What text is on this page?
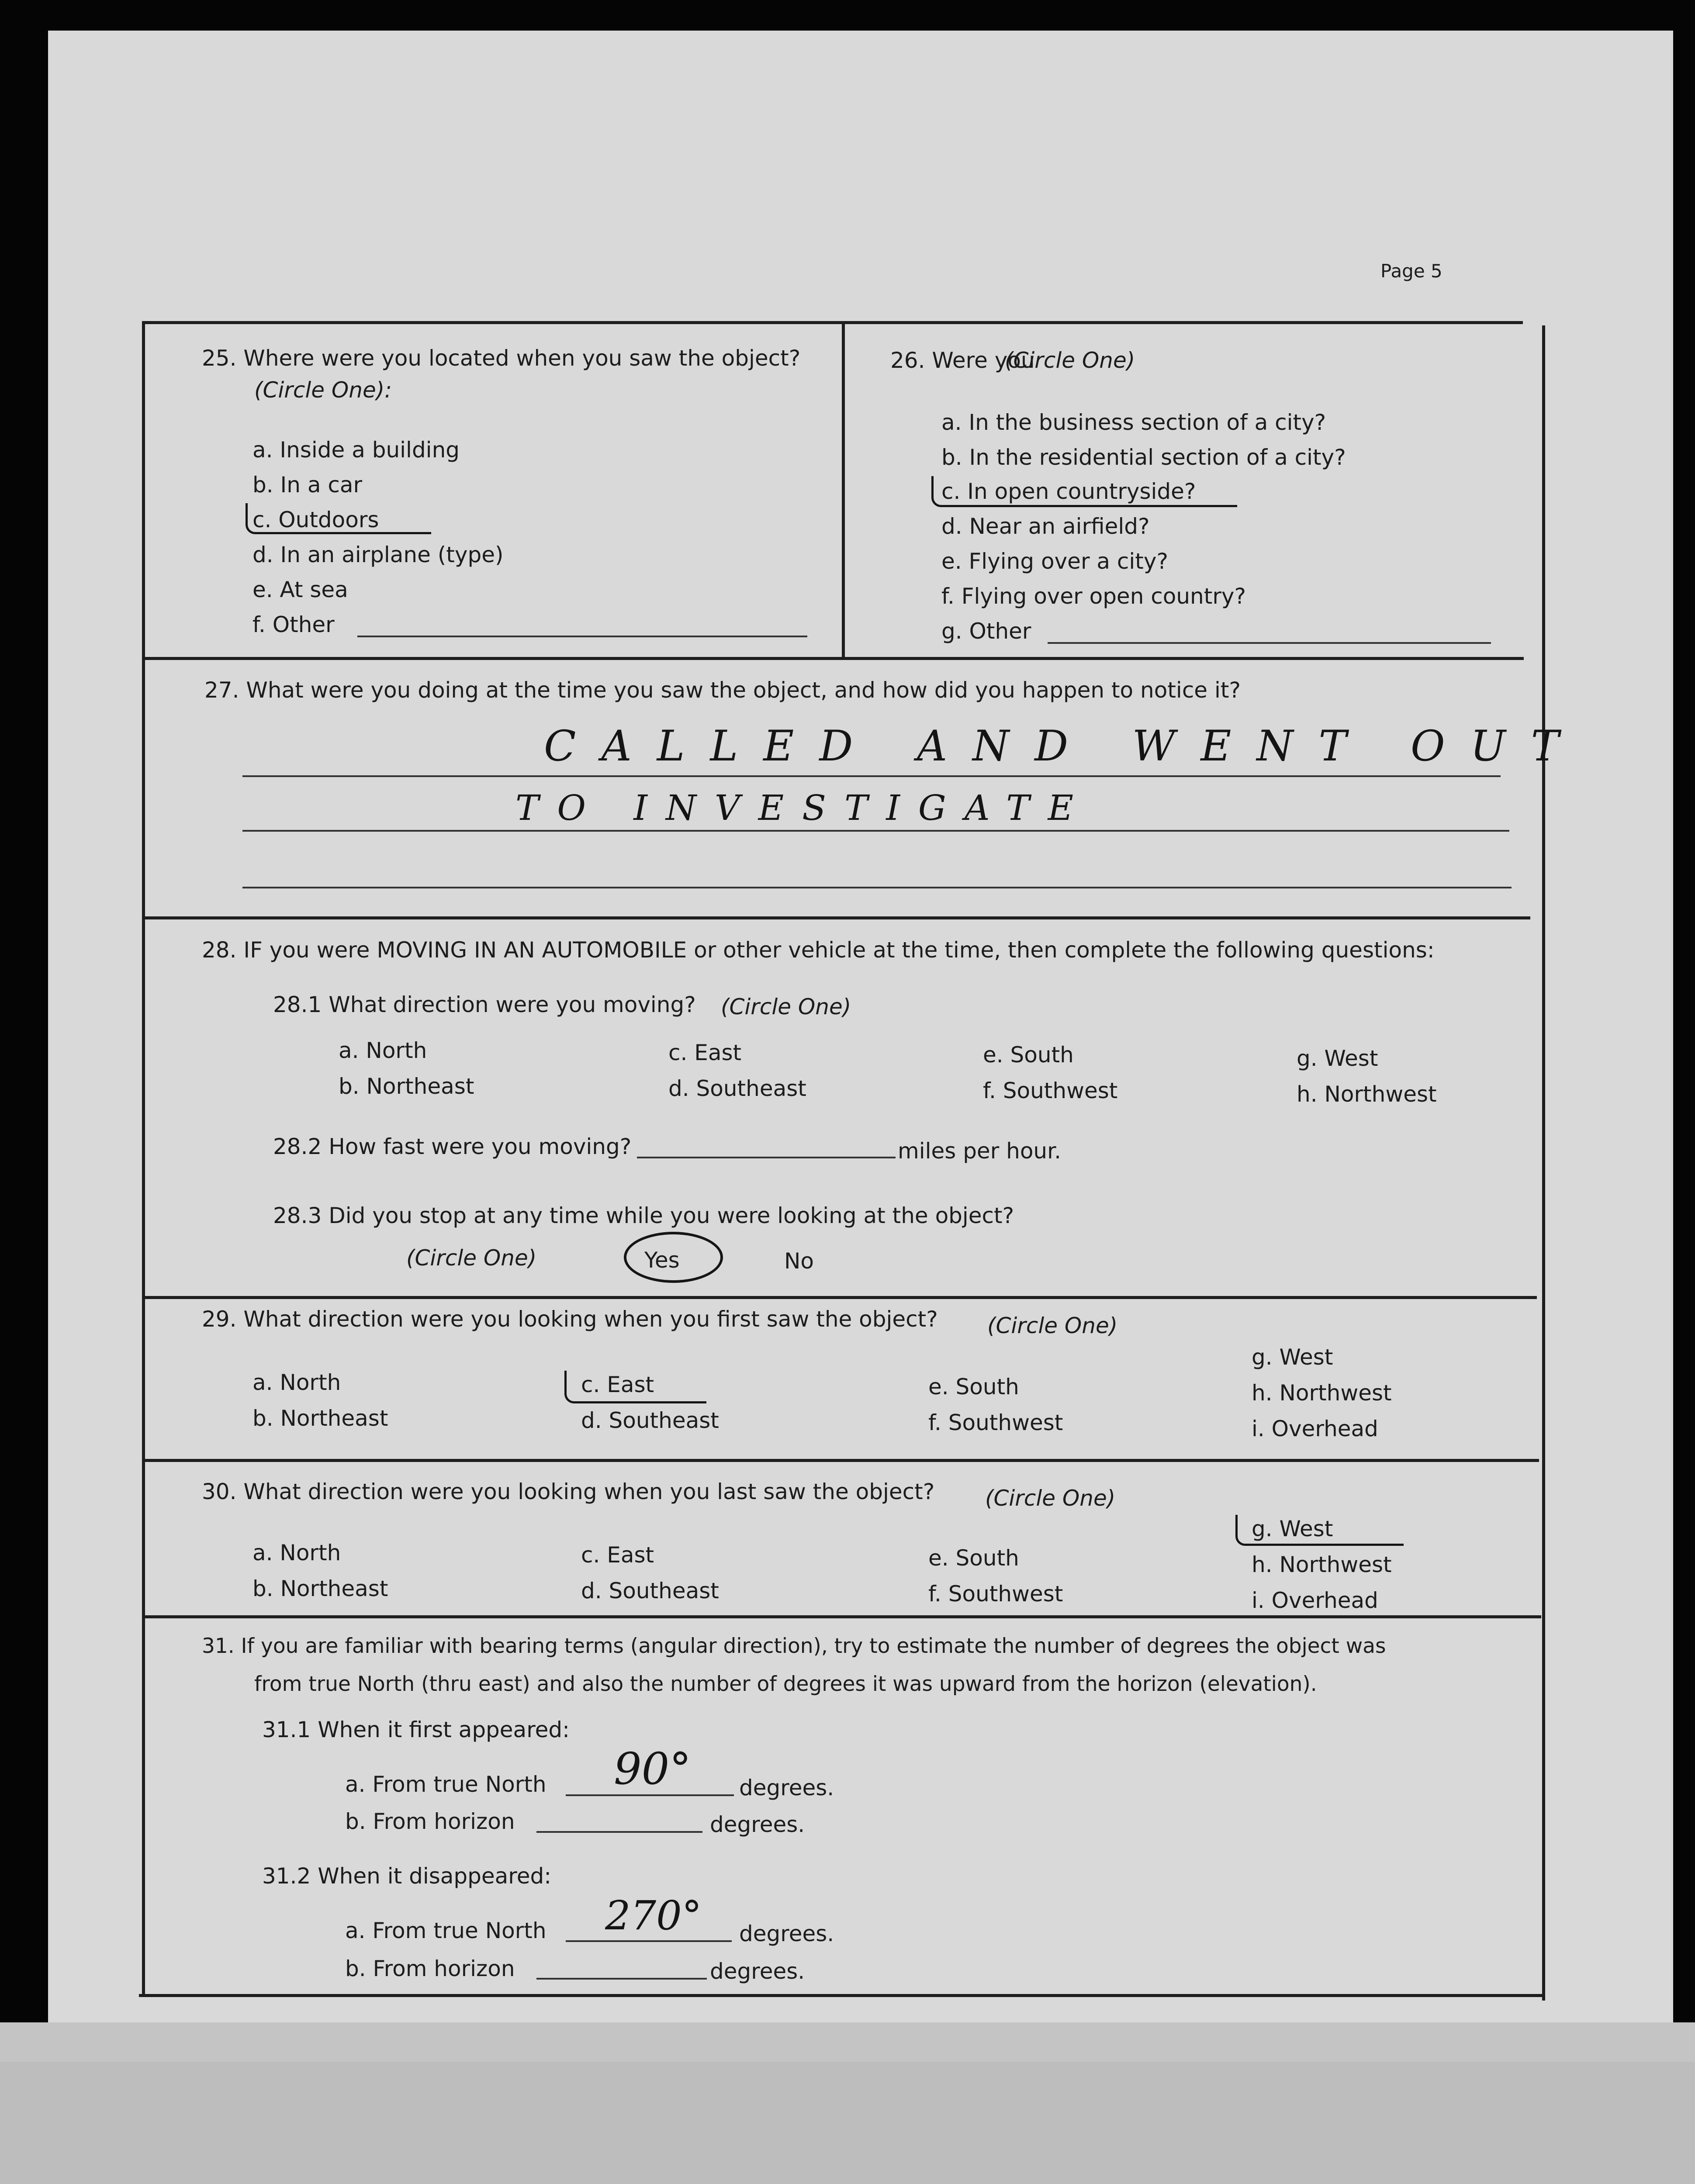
Page 5
25. Where were you located when you saw the object?
(Circle One):
a. Inside a building
b. In a car
c. Outdoors
d. In an airplane (type)
e. At sea
f. Other
26. Were you
(Circle One)
a. In the business section of a city?
b. In the residential section of a city?
c. In open countryside?
d. Near an airfield?
e. Flying over a city?
f. Flying over open country?
g. Other
27. What were you doing at the time you saw the object, and how did you happen to notice it?
CALLED AND WENT OUT
TO INVESTIGATE
28. IF you were MOVING IN AN AUTOMOBILE or other vehicle at the time, then complete the following questions:
28.1 What direction were you moving? (Circle One)
a. North
b. Northeast
c. East
d. Southeast
e. South
f. Southwest
g. West
h. Northwest
28.2 How fast were you moving?	miles per hour.
28.3 Did you stop at any time while you were looking at the object?
(Circle One)	Yes	No
29. What direction were you looking when you first saw the object? (Circle One)
a. North
b. Northeast
c. East
d. Southeast
e. South
f. Southwest
g. West
h. Northwest
i. Overhead
30. What direction were you looking when you last saw the object? (Circle One)
a. North
b. Northeast
c. East
d. Southeast
e. South
f. Southwest
g. West
h. Northwest
i. Overhead
31. If you are familiar with bearing terms (angular direction), try to estimate the number of degrees the object was
from true North (thru east) and also the number of degrees it was upward from the horizon (elevation).
31.1 When it first appeared:
a. From true North 90° degrees.
b. From horizon	degrees.
31.2 When it disappeared:
a. From true North 270° degrees.
b. From horizon	degrees.
